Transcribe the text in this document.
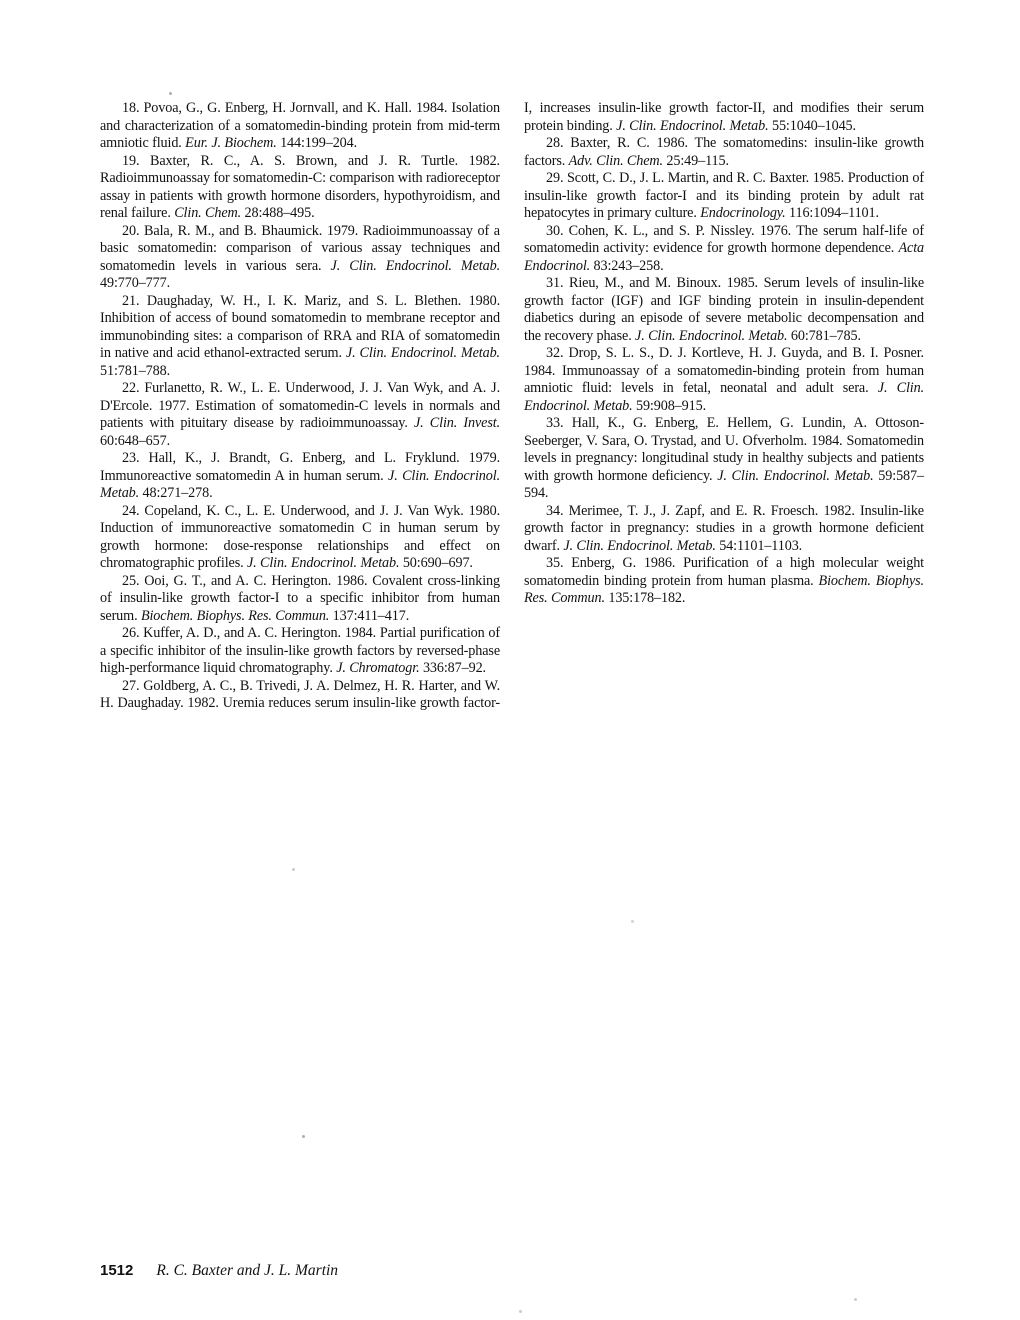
18. Povoa, G., G. Enberg, H. Jornvall, and K. Hall. 1984. Isolation and characterization of a somatomedin-binding protein from mid-term amniotic fluid. Eur. J. Biochem. 144:199–204.

19. Baxter, R. C., A. S. Brown, and J. R. Turtle. 1982. Radioimmunoassay for somatomedin-C: comparison with radioreceptor assay in patients with growth hormone disorders, hypothyroidism, and renal failure. Clin. Chem. 28:488–495.

20. Bala, R. M., and B. Bhaumick. 1979. Radioimmunoassay of a basic somatomedin: comparison of various assay techniques and somatomedin levels in various sera. J. Clin. Endocrinol. Metab. 49:770–777.

21. Daughaday, W. H., I. K. Mariz, and S. L. Blethen. 1980. Inhibition of access of bound somatomedin to membrane receptor and immunobinding sites: a comparison of RRA and RIA of somatomedin in native and acid ethanol-extracted serum. J. Clin. Endocrinol. Metab. 51:781–788.

22. Furlanetto, R. W., L. E. Underwood, J. J. Van Wyk, and A. J. D'Ercole. 1977. Estimation of somatomedin-C levels in normals and patients with pituitary disease by radioimmunoassay. J. Clin. Invest. 60:648–657.

23. Hall, K., J. Brandt, G. Enberg, and L. Fryklund. 1979. Immunoreactive somatomedin A in human serum. J. Clin. Endocrinol. Metab. 48:271–278.

24. Copeland, K. C., L. E. Underwood, and J. J. Van Wyk. 1980. Induction of immunoreactive somatomedin C in human serum by growth hormone: dose-response relationships and effect on chromatographic profiles. J. Clin. Endocrinol. Metab. 50:690–697.

25. Ooi, G. T., and A. C. Herington. 1986. Covalent cross-linking of insulin-like growth factor-I to a specific inhibitor from human serum. Biochem. Biophys. Res. Commun. 137:411–417.

26. Kuffer, A. D., and A. C. Herington. 1984. Partial purification of a specific inhibitor of the insulin-like growth factors by reversed-phase high-performance liquid chromatography. J. Chromatogr. 336:87–92.

27. Goldberg, A. C., B. Trivedi, J. A. Delmez, H. R. Harter, and W. H. Daughaday. 1982. Uremia reduces serum insulin-like growth factor-I, increases insulin-like growth factor-II, and modifies their serum protein binding. J. Clin. Endocrinol. Metab. 55:1040–1045.

28. Baxter, R. C. 1986. The somatomedins: insulin-like growth factors. Adv. Clin. Chem. 25:49–115.

29. Scott, C. D., J. L. Martin, and R. C. Baxter. 1985. Production of insulin-like growth factor-I and its binding protein by adult rat hepatocytes in primary culture. Endocrinology. 116:1094–1101.

30. Cohen, K. L., and S. P. Nissley. 1976. The serum half-life of somatomedin activity: evidence for growth hormone dependence. Acta Endocrinol. 83:243–258.

31. Rieu, M., and M. Binoux. 1985. Serum levels of insulin-like growth factor (IGF) and IGF binding protein in insulin-dependent diabetics during an episode of severe metabolic decompensation and the recovery phase. J. Clin. Endocrinol. Metab. 60:781–785.

32. Drop, S. L. S., D. J. Kortleve, H. J. Guyda, and B. I. Posner. 1984. Immunoassay of a somatomedin-binding protein from human amniotic fluid: levels in fetal, neonatal and adult sera. J. Clin. Endocrinol. Metab. 59:908–915.

33. Hall, K., G. Enberg, E. Hellem, G. Lundin, A. Ottoson-Seeberger, V. Sara, O. Trystad, and U. Ofverholm. 1984. Somatomedin levels in pregnancy: longitudinal study in healthy subjects and patients with growth hormone deficiency. J. Clin. Endocrinol. Metab. 59:587–594.

34. Merimee, T. J., J. Zapf, and E. R. Froesch. 1982. Insulin-like growth factor in pregnancy: studies in a growth hormone deficient dwarf. J. Clin. Endocrinol. Metab. 54:1101–1103.

35. Enberg, G. 1986. Purification of a high molecular weight somatomedin binding protein from human plasma. Biochem. Biophys. Res. Commun. 135:178–182.

1512 R. C. Baxter and J. L. Martin
